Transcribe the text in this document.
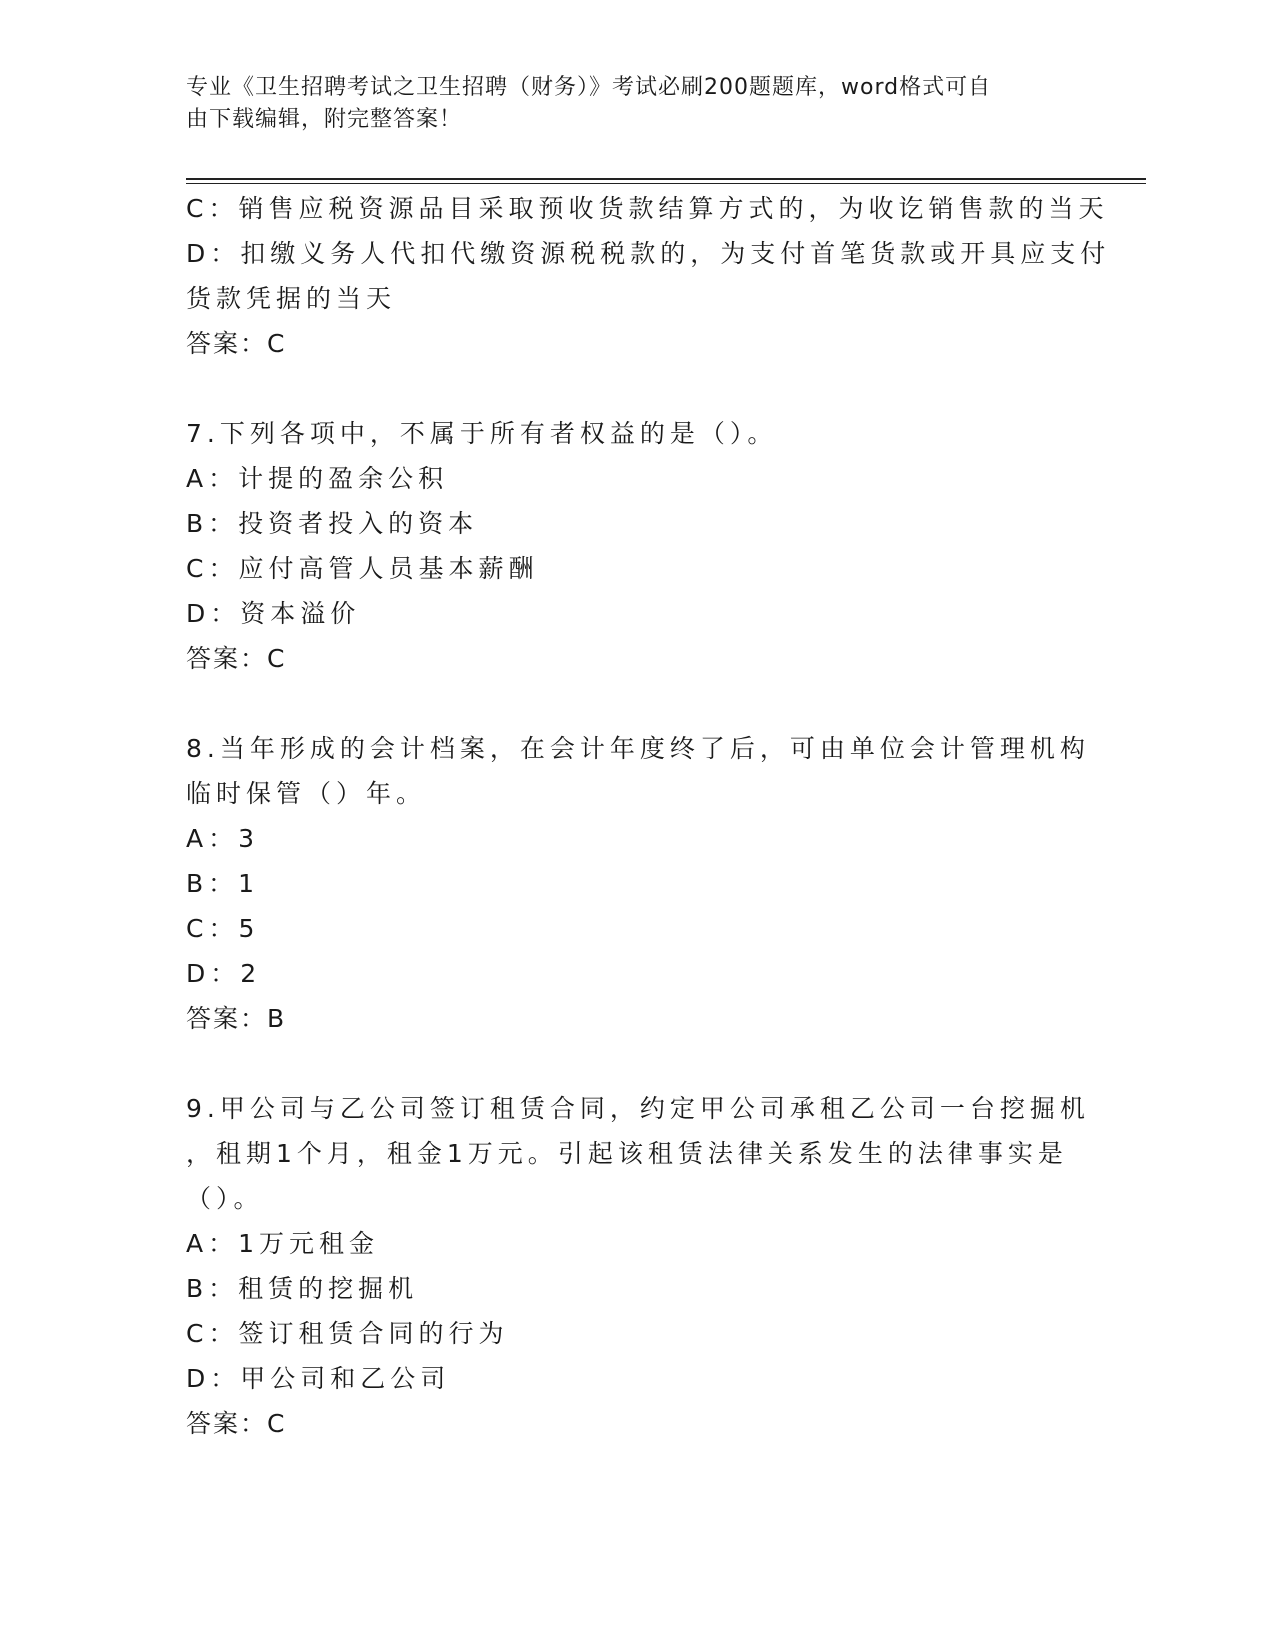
专业《卫生招聘考试之卫生招聘（财务）》考试必刷200题题库，word格式可自
由下载编辑，附完整答案！
C：销售应税资源品目采取预收货款结算方式的，为收讫销售款的当天
D：扣缴义务人代扣代缴资源税税款的，为支付首笔货款或开具应支付
货款凭据的当天
答案：C
7.下列各项中，不属于所有者权益的是（）。
A：计提的盈余公积
B：投资者投入的资本
C：应付高管人员基本薪酬
D：资本溢价
答案：C
8.当年形成的会计档案，在会计年度终了后，可由单位会计管理机构
临时保管（）年。
A：3
B：1
C：5
D：2
答案：B
9.甲公司与乙公司签订租赁合同，约定甲公司承租乙公司一台挖掘机
，租期1个月，租金1万元。引起该租赁法律关系发生的法律事实是
（）。
A：1万元租金
B：租赁的挖掘机
C：签订租赁合同的行为
D：甲公司和乙公司
答案：C
